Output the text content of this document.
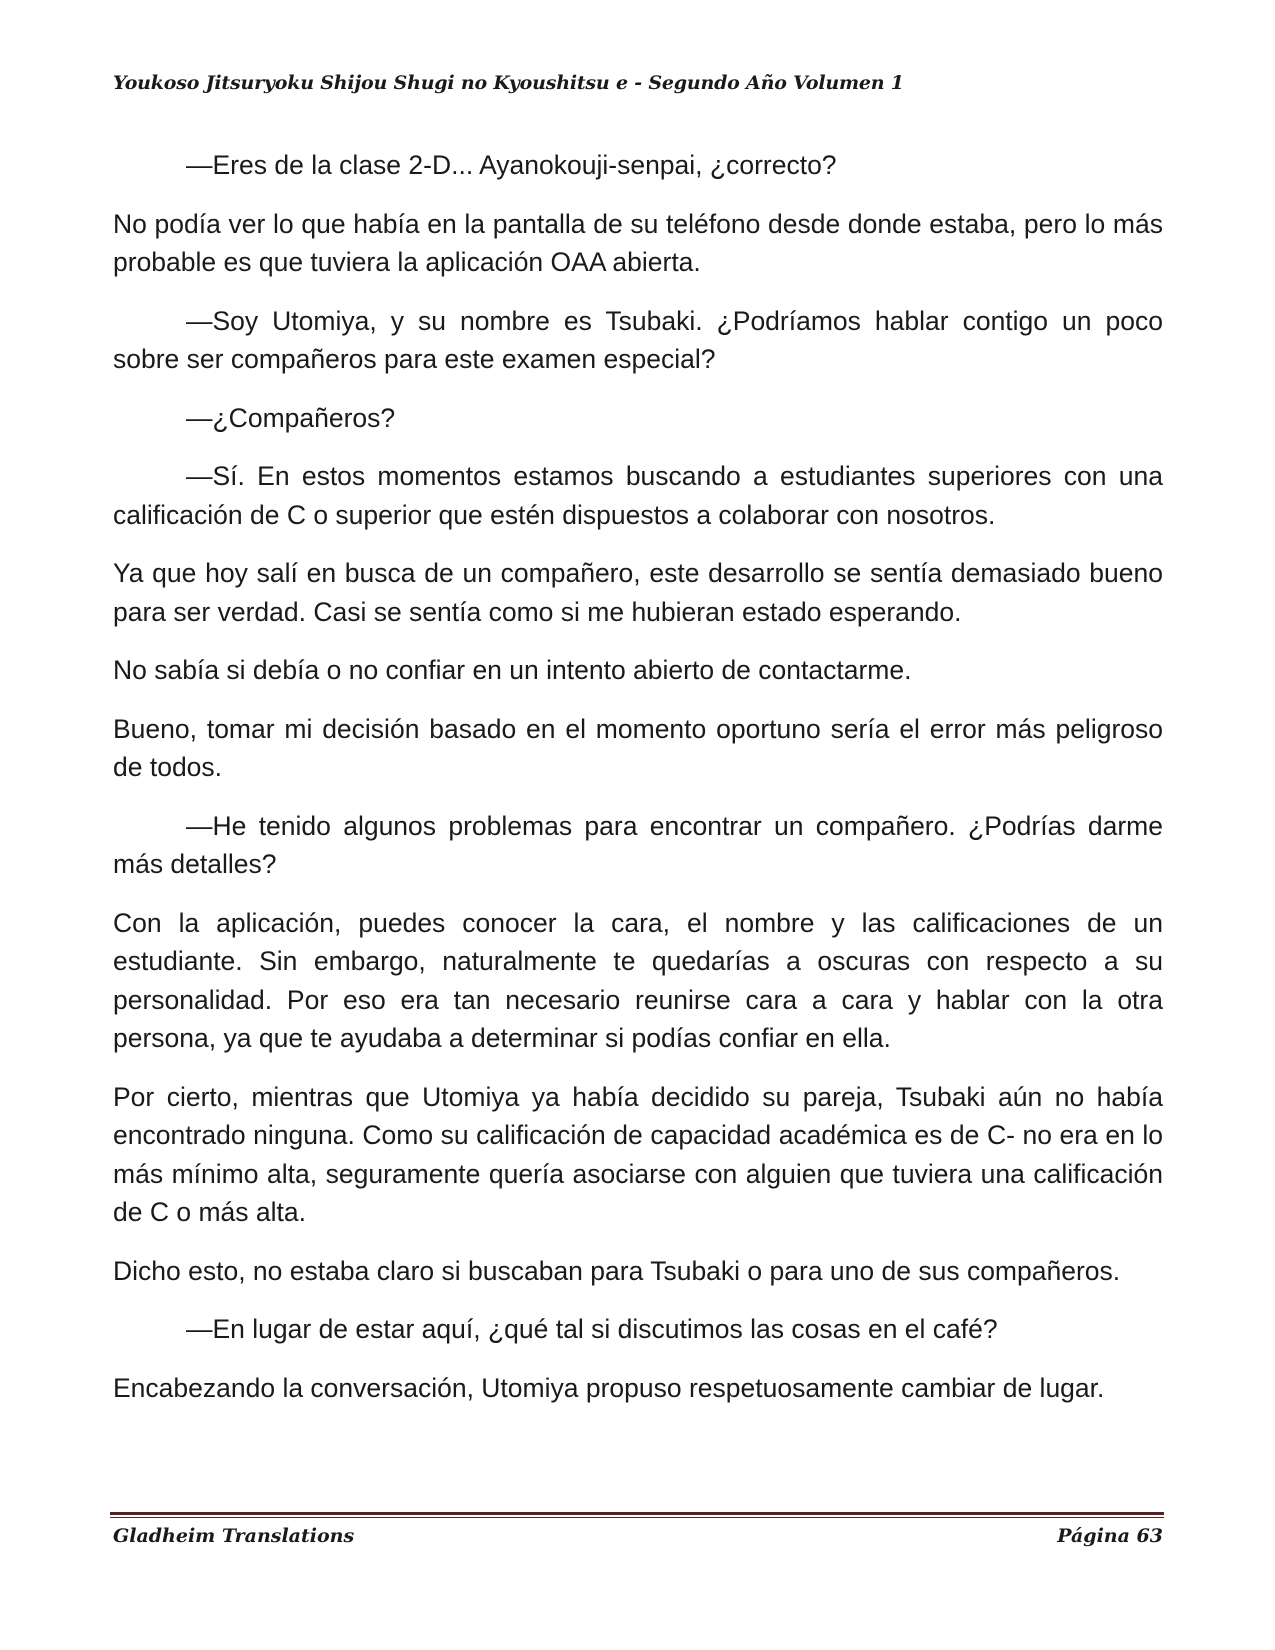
Youkoso Jitsuryoku Shijou Shugi no Kyoushitsu e - Segundo Año Volumen 1

—Eres de la clase 2-D... Ayanokouji-senpai, ¿correcto?

No podía ver lo que había en la pantalla de su teléfono desde donde estaba, pero lo más probable es que tuviera la aplicación OAA abierta.

—Soy Utomiya, y su nombre es Tsubaki. ¿Podríamos hablar contigo un poco sobre ser compañeros para este examen especial?

—¿Compañeros?

—Sí. En estos momentos estamos buscando a estudiantes superiores con una calificación de C o superior que estén dispuestos a colaborar con nosotros.

Ya que hoy salí en busca de un compañero, este desarrollo se sentía demasiado bueno para ser verdad. Casi se sentía como si me hubieran estado esperando.

No sabía si debía o no confiar en un intento abierto de contactarme.

Bueno, tomar mi decisión basado en el momento oportuno sería el error más peligroso de todos.

—He tenido algunos problemas para encontrar un compañero. ¿Podrías darme más detalles?

Con la aplicación, puedes conocer la cara, el nombre y las calificaciones de un estudiante. Sin embargo, naturalmente te quedarías a oscuras con respecto a su personalidad. Por eso era tan necesario reunirse cara a cara y hablar con la otra persona, ya que te ayudaba a determinar si podías confiar en ella.

Por cierto, mientras que Utomiya ya había decidido su pareja, Tsubaki aún no había encontrado ninguna. Como su calificación de capacidad académica es de C- no era en lo más mínimo alta, seguramente quería asociarse con alguien que tuviera una calificación de C o más alta.

Dicho esto, no estaba claro si buscaban para Tsubaki o para uno de sus compañeros.

—En lugar de estar aquí, ¿qué tal si discutimos las cosas en el café?

Encabezando la conversación, Utomiya propuso respetuosamente cambiar de lugar.

Gladheim Translations	Página 63
